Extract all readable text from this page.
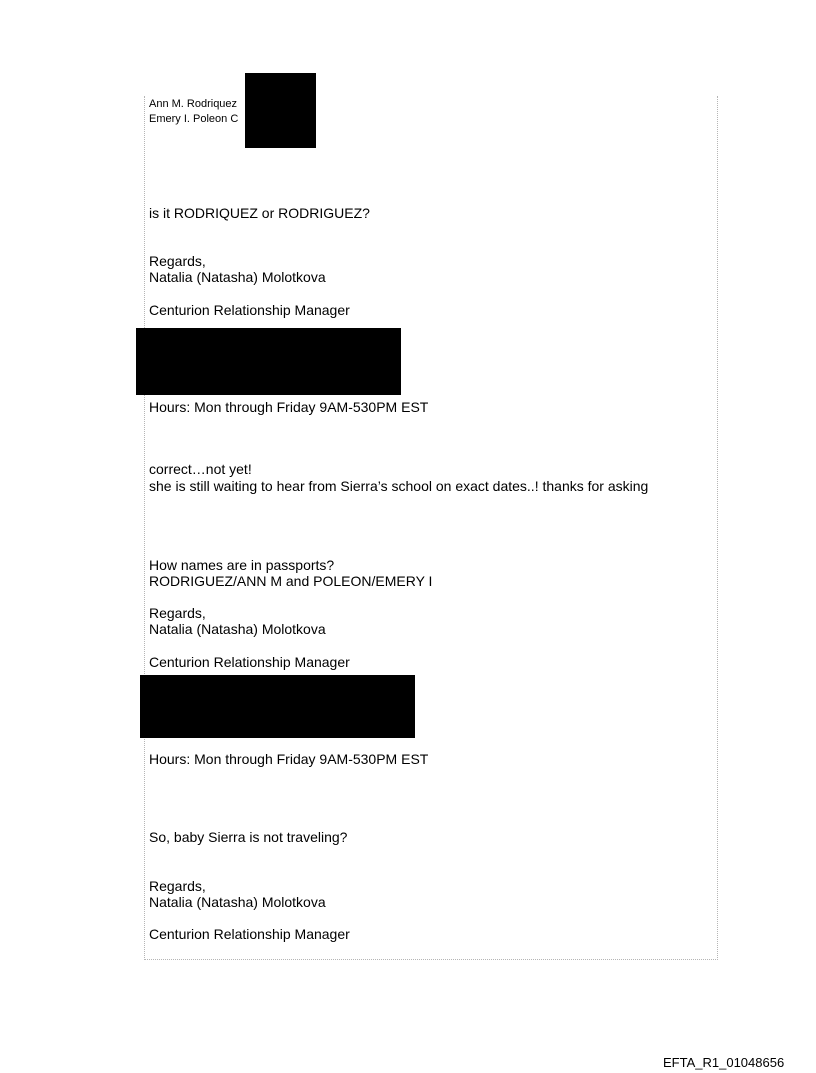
Ann M. Rodriquez
Emery I. Poleon C
is it RODRIQUEZ or RODRIGUEZ?
Regards,
Natalia (Natasha) Molotkova
Centurion Relationship Manager
Hours: Mon through Friday 9AM-530PM EST
correct…not yet!
she is still waiting to hear from Sierra’s school on exact dates..! thanks for asking
How names are in passports?
RODRIGUEZ/ANN M and POLEON/EMERY I
Regards,
Natalia (Natasha) Molotkova
Centurion Relationship Manager
Hours: Mon through Friday 9AM-530PM EST
So, baby Sierra is not traveling?
Regards,
Natalia (Natasha) Molotkova
Centurion Relationship Manager
EFTA_R1_01048656
